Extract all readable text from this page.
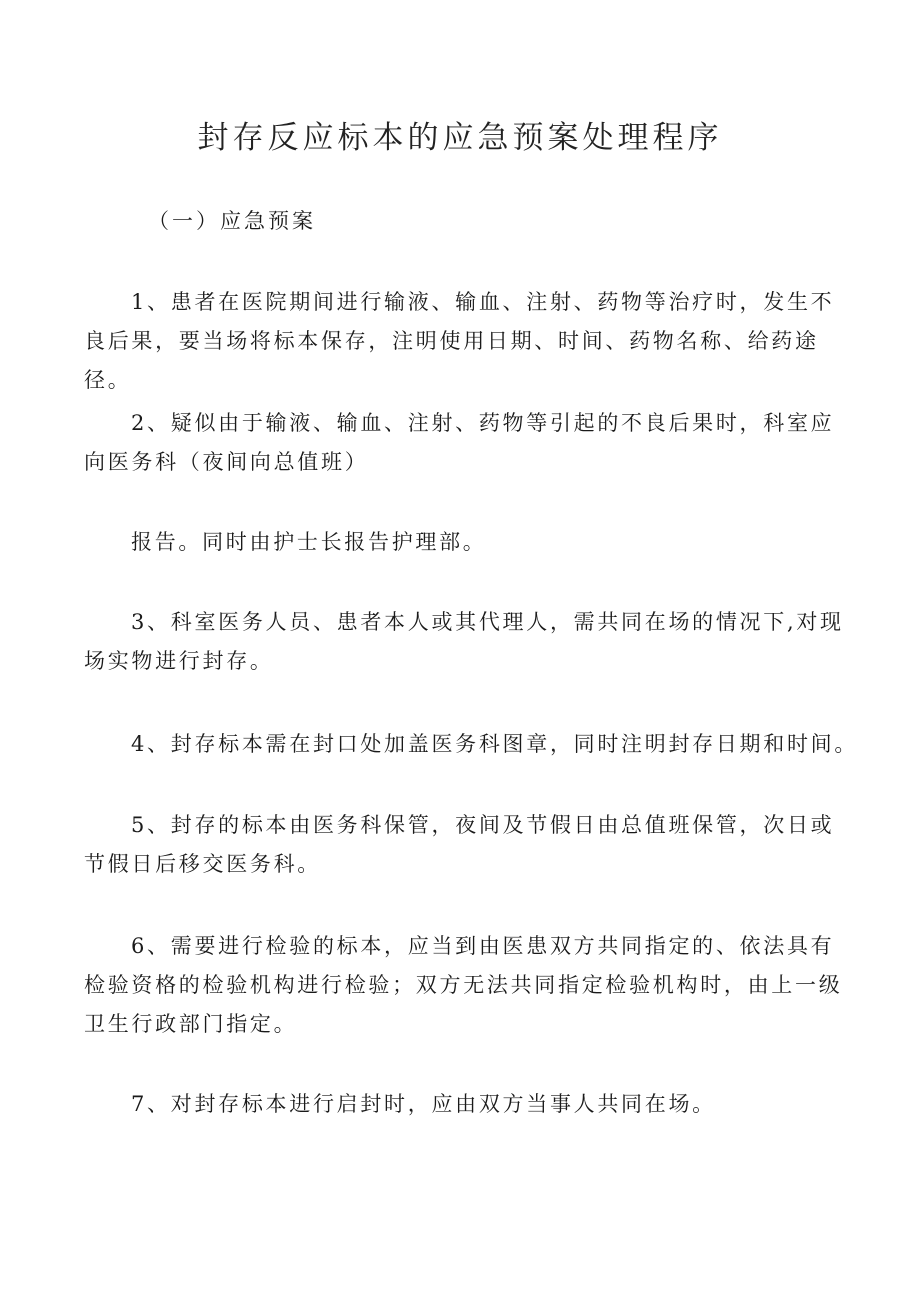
封存反应标本的应急预案处理程序
（一）应急预案
1、患者在医院期间进行输液、输血、注射、药物等治疗时，发生不良后果，要当场将标本保存，注明使用日期、时间、药物名称、给药途径。
2、疑似由于输液、输血、注射、药物等引起的不良后果时，科室应向医务科（夜间向总值班）
报告。同时由护士长报告护理部。
3、科室医务人员、患者本人或其代理人，需共同在场的情况下,对现场实物进行封存。
4、封存标本需在封口处加盖医务科图章，同时注明封存日期和时间。
5、封存的标本由医务科保管，夜间及节假日由总值班保管，次日或节假日后移交医务科。
6、需要进行检验的标本，应当到由医患双方共同指定的、依法具有检验资格的检验机构进行检验；双方无法共同指定检验机构时，由上一级卫生行政部门指定。
7、对封存标本进行启封时，应由双方当事人共同在场。
